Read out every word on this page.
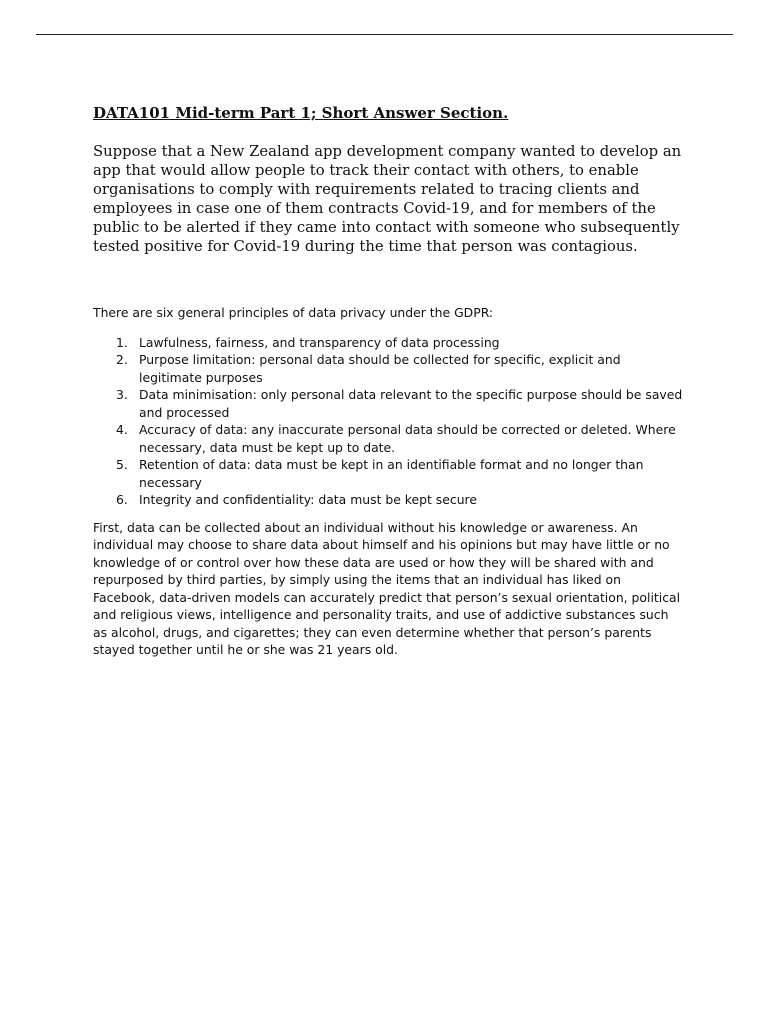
DATA101 Mid-term Part 1; Short Answer Section.

Suppose that a New Zealand app development company wanted to develop an app that would allow people to track their contact with others, to enable organisations to comply with requirements related to tracing clients and employees in case one of them contracts Covid-19, and for members of the public to be alerted if they came into contact with someone who subsequently tested positive for Covid-19 during the time that person was contagious.

There are six general principles of data privacy under the GDPR:

1. Lawfulness, fairness, and transparency of data processing
2. Purpose limitation: personal data should be collected for specific, explicit and legitimate purposes
3. Data minimisation: only personal data relevant to the specific purpose should be saved and processed
4. Accuracy of data: any inaccurate personal data should be corrected or deleted. Where necessary, data must be kept up to date.
5. Retention of data: data must be kept in an identifiable format and no longer than necessary
6. Integrity and confidentiality: data must be kept secure

First, data can be collected about an individual without his knowledge or awareness. An individual may choose to share data about himself and his opinions but may have little or no knowledge of or control over how these data are used or how they will be shared with and repurposed by third parties, by simply using the items that an individual has liked on Facebook, data-driven models can accurately predict that person’s sexual orientation, political and religious views, intelligence and personality traits, and use of addictive substances such as alcohol, drugs, and cigarettes; they can even determine whether that person’s parents stayed together until he or she was 21 years old.
